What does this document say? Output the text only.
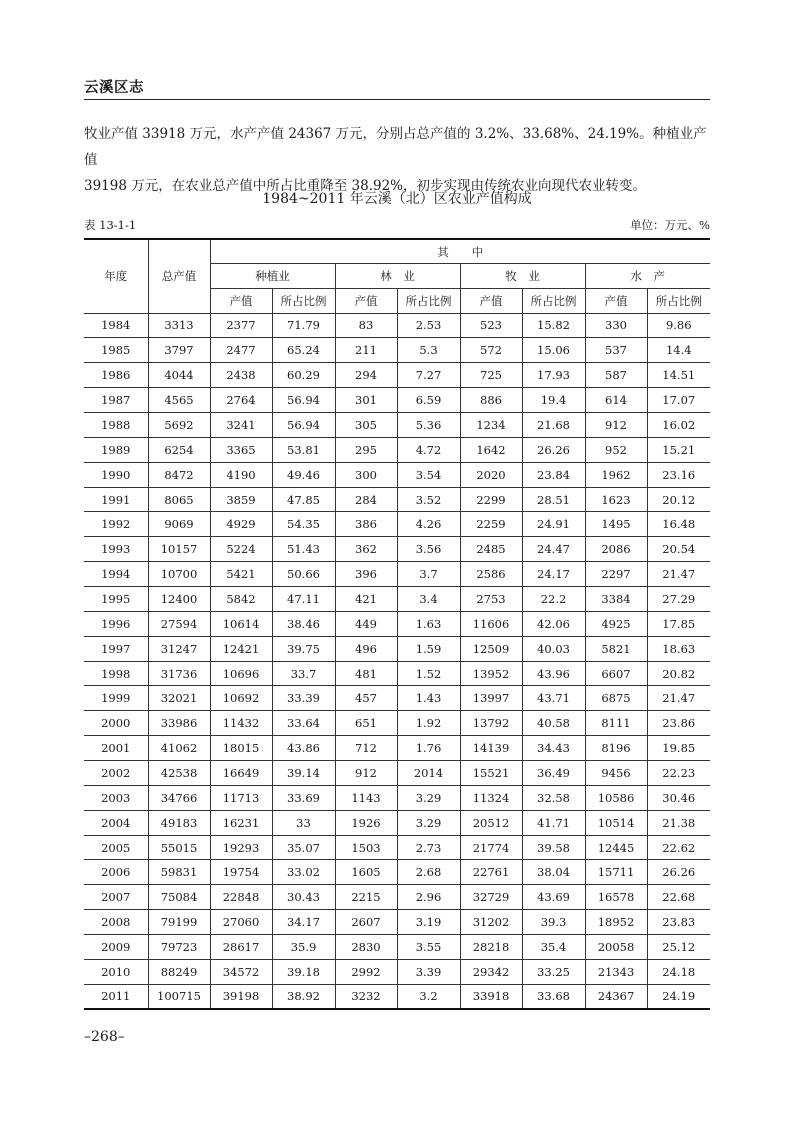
云溪区志

牧业产值 33918 万元，水产产值 24367 万元，分别占总产值的 3.2%、33.68%、24.19%。种植业产值

39198 万元，在农业总产值中所占比重降至 38.92%，初步实现由传统农业向现代农业转变。

1984~2011 年云溪（北）区农业产值构成
表 13-1-1	单位：万元、%
年度	总产值	其　　中							
		种植业		林　业		牧　业		水　产	
		产值	所占比例	产值	所占比例	产值	所占比例	产值	所占比例
1984	3313	2377	71.79	83	2.53	523	15.82	330	9.86
1985	3797	2477	65.24	211	5.3	572	15.06	537	14.4
1986	4044	2438	60.29	294	7.27	725	17.93	587	14.51
1987	4565	2764	56.94	301	6.59	886	19.4	614	17.07
1988	5692	3241	56.94	305	5.36	1234	21.68	912	16.02
1989	6254	3365	53.81	295	4.72	1642	26.26	952	15.21
1990	8472	4190	49.46	300	3.54	2020	23.84	1962	23.16
1991	8065	3859	47.85	284	3.52	2299	28.51	1623	20.12
1992	9069	4929	54.35	386	4.26	2259	24.91	1495	16.48
1993	10157	5224	51.43	362	3.56	2485	24.47	2086	20.54
1994	10700	5421	50.66	396	3.7	2586	24.17	2297	21.47
1995	12400	5842	47.11	421	3.4	2753	22.2	3384	27.29
1996	27594	10614	38.46	449	1.63	11606	42.06	4925	17.85
1997	31247	12421	39.75	496	1.59	12509	40.03	5821	18.63
1998	31736	10696	33.7	481	1.52	13952	43.96	6607	20.82
1999	32021	10692	33.39	457	1.43	13997	43.71	6875	21.47
2000	33986	11432	33.64	651	1.92	13792	40.58	8111	23.86
2001	41062	18015	43.86	712	1.76	14139	34.43	8196	19.85
2002	42538	16649	39.14	912	2014	15521	36.49	9456	22.23
2003	34766	11713	33.69	1143	3.29	11324	32.58	10586	30.46
2004	49183	16231	33	1926	3.29	20512	41.71	10514	21.38
2005	55015	19293	35.07	1503	2.73	21774	39.58	12445	22.62
2006	59831	19754	33.02	1605	2.68	22761	38.04	15711	26.26
2007	75084	22848	30.43	2215	2.96	32729	43.69	16578	22.68
2008	79199	27060	34.17	2607	3.19	31202	39.3	18952	23.83
2009	79723	28617	35.9	2830	3.55	28218	35.4	20058	25.12
2010	88249	34572	39.18	2992	3.39	29342	33.25	21343	24.18
2011	100715	39198	38.92	3232	3.2	33918	33.68	24367	24.19
–268–
